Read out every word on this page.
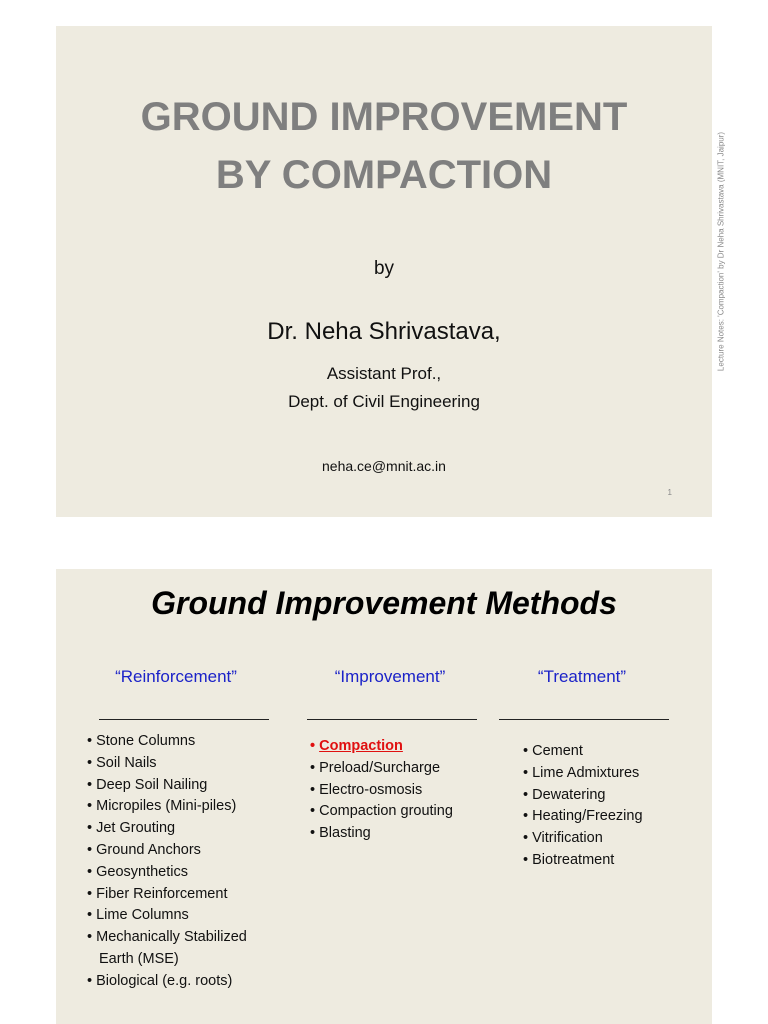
GROUND IMPROVEMENT
BY COMPACTION
by
Dr. Neha Shrivastava,
Assistant Prof.,
Dept. of Civil Engineering
neha.ce@mnit.ac.in
Lecture Notes: 'Compaction' by Dr Neha Shrivastava (MNIT, Jaipur)
1
Ground Improvement Methods
“Reinforcement”	“Improvement”	“Treatment”
• Stone Columns
• Soil Nails
• Deep Soil Nailing
• Micropiles (Mini-piles)
• Jet Grouting
• Ground Anchors
• Geosynthetics
• Fiber Reinforcement
• Lime Columns
• Mechanically Stabilized Earth (MSE)
• Biological (e.g. roots)
• Compaction
• Preload/Surcharge
• Electro-osmosis
• Compaction grouting
• Blasting
• Cement
• Lime Admixtures
• Dewatering
• Heating/Freezing
• Vitrification
• Biotreatment
